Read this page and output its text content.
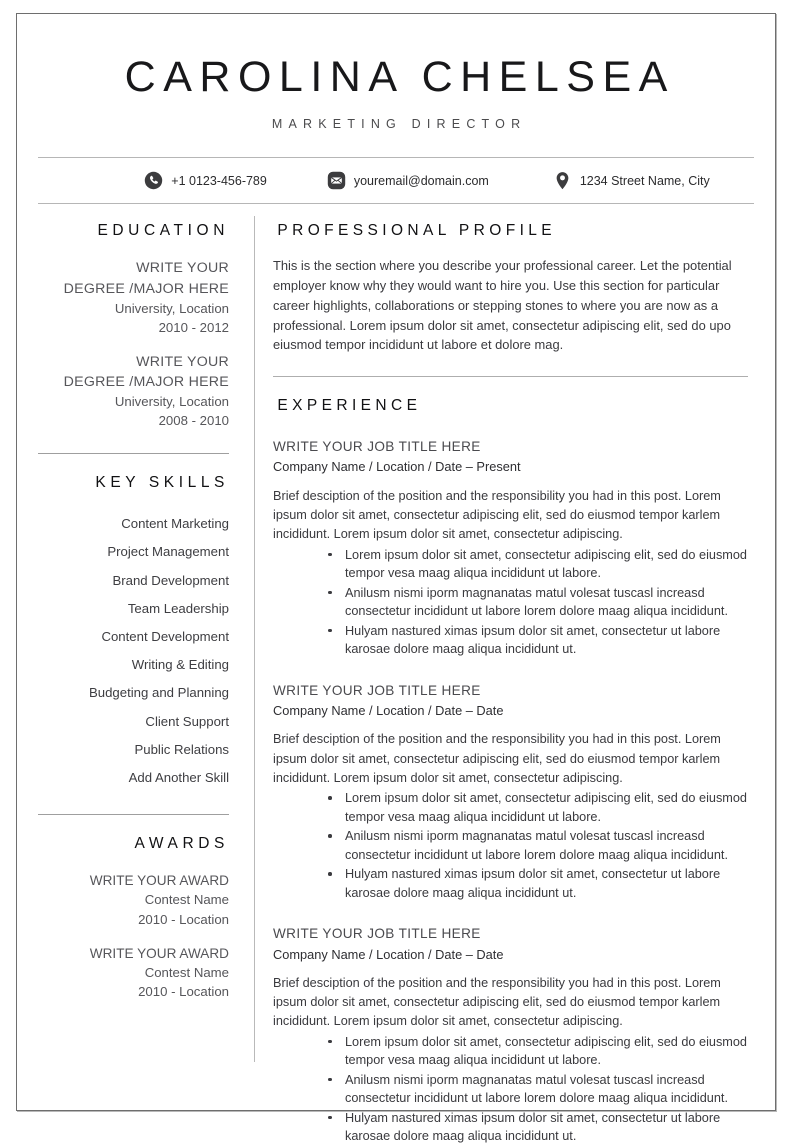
CAROLINA CHELSEA
MARKETING DIRECTOR
+1 0123-456-789	youremail@domain.com	1234 Street Name, City
EDUCATION
WRITE YOUR
DEGREE /MAJOR HERE
University, Location
2010 - 2012
WRITE YOUR
DEGREE /MAJOR HERE
University, Location
2008 - 2010
KEY SKILLS
Content Marketing
Project Management
Brand Development
Team Leadership
Content Development
Writing & Editing
Budgeting and Planning
Client Support
Public Relations
Add Another Skill
AWARDS
WRITE YOUR AWARD
Contest Name
2010 - Location
WRITE YOUR AWARD
Contest Name
2010 - Location
PROFESSIONAL PROFILE

This is the section where you describe your professional career. Let the potential employer know why they would want to hire you. Use this section for particular career highlights, collaborations or stepping stones to where you are now as a professional. Lorem ipsum dolor sit amet, consectetur adipiscing elit, sed do upo eiusmod tempor incididunt ut labore et dolore mag.

EXPERIENCE
WRITE YOUR JOB TITLE HERE
Company Name / Location / Date – Present

Brief desciption of the position and the responsibility you had in this post. Lorem ipsum dolor sit amet, consectetur adipiscing elit, sed do eiusmod tempor karlem incididunt. Lorem ipsum dolor sit amet, consectetur adipiscing.

Lorem ipsum dolor sit amet, consectetur adipiscing elit, sed do eiusmod tempor vesa maag aliqua incididunt ut labore.
Anilusm nismi iporm magnanatas matul volesat tuscasl increasd consectetur incididunt ut labore lorem dolore maag aliqua incididunt.
Hulyam nastured ximas ipsum dolor sit amet, consectetur ut labore karosae dolore maag aliqua incididunt ut.
WRITE YOUR JOB TITLE HERE
Company Name / Location / Date – Date

Brief desciption of the position and the responsibility you had in this post. Lorem ipsum dolor sit amet, consectetur adipiscing elit, sed do eiusmod tempor karlem incididunt. Lorem ipsum dolor sit amet, consectetur adipiscing.

Lorem ipsum dolor sit amet, consectetur adipiscing elit, sed do eiusmod tempor vesa maag aliqua incididunt ut labore.
Anilusm nismi iporm magnanatas matul volesat tuscasl increasd consectetur incididunt ut labore lorem dolore maag aliqua incididunt.
Hulyam nastured ximas ipsum dolor sit amet, consectetur ut labore karosae dolore maag aliqua incididunt ut.
WRITE YOUR JOB TITLE HERE
Company Name / Location / Date – Date

Brief desciption of the position and the responsibility you had in this post. Lorem ipsum dolor sit amet, consectetur adipiscing elit, sed do eiusmod tempor karlem incididunt. Lorem ipsum dolor sit amet, consectetur adipiscing.

Lorem ipsum dolor sit amet, consectetur adipiscing elit, sed do eiusmod tempor vesa maag aliqua incididunt ut labore.
Anilusm nismi iporm magnanatas matul volesat tuscasl increasd consectetur incididunt ut labore lorem dolore maag aliqua incididunt.
Hulyam nastured ximas ipsum dolor sit amet, consectetur ut labore karosae dolore maag aliqua incididunt ut.
